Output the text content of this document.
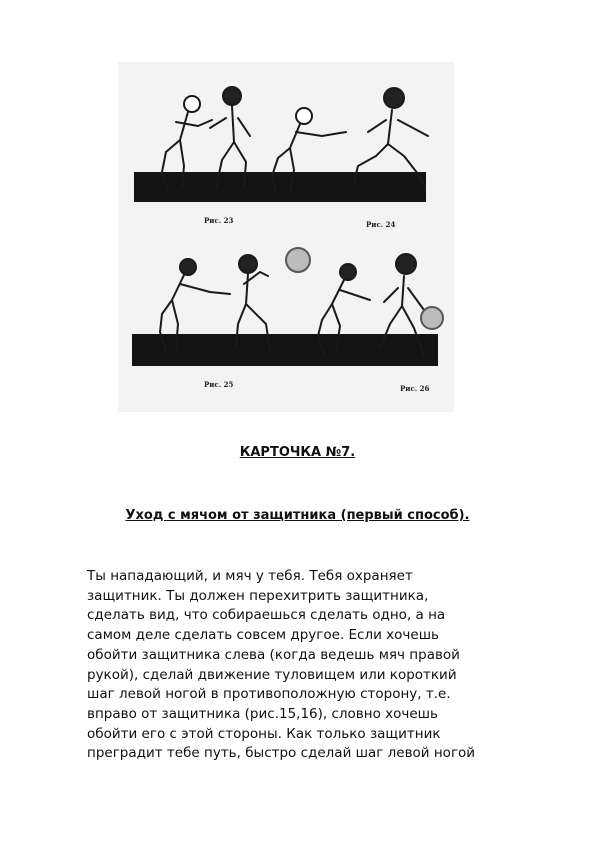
Рис. 23	Рис. 24
Рис. 25	Рис. 26
КАРТОЧКА №7.
Уход с мячом от защитника (первый способ).

Ты нападающий, и мяч у тебя. Тебя охраняет
защитник. Ты должен перехитрить защитника,
сделать вид, что собираешься сделать одно, а на
самом деле сделать совсем другое. Если хочешь
обойти защитника слева (когда ведешь мяч правой
рукой), сделай движение туловищем или короткий
шаг левой ногой в противоположную сторону, т.е.
вправо от защитника (рис.15,16), словно хочешь
обойти его с этой стороны. Как только защитник
преградит тебе путь, быстро сделай шаг левой ногой
